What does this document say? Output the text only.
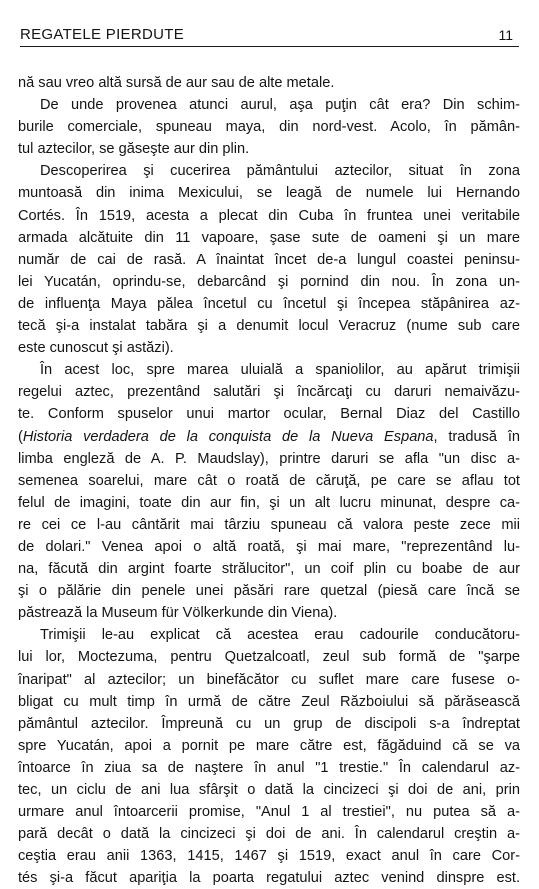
REGATELE PIERDUTE	11
nă sau vreo altă sursă de aur sau de alte metale.
De unde provenea atunci aurul, aşa puţin cât era? Din schim-
burile comerciale, spuneau maya, din nord-vest. Acolo, în pămân-
tul aztecilor, se găseşte aur din plin.
Descoperirea şi cucerirea pământului aztecilor, situat în zona
muntoasă din inima Mexicului, se leagă de numele lui Hernando
Cortés. În 1519, acesta a plecat din Cuba în fruntea unei veritabile
armada alcătuite din 11 vapoare, şase sute de oameni şi un mare
număr de cai de rasă. A înaintat încet de-a lungul coastei peninsu-
lei Yucatán, oprindu-se, debarcând şi pornind din nou. În zona un-
de influenţa Maya pălea încetul cu încetul şi începea stăpânirea az-
tecă şi-a instalat tabăra şi a denumit locul Veracruz (nume sub care
este cunoscut şi astăzi).
În acest loc, spre marea uluială a spaniolilor, au apărut trimişii
regelui aztec, prezentând salutări şi încărcaţi cu daruri nemaivăzu-
te. Conform spuselor unui martor ocular, Bernal Diaz del Castillo
(Historia verdadera de la conquista de la Nueva Espana, tradusă în
limba engleză de A. P. Maudslay), printre daruri se afla "un disc a-
semenea soarelui, mare cât o roată de căruţă, pe care se aflau tot
felul de imagini, toate din aur fin, şi un alt lucru minunat, despre ca-
re cei ce l-au cântărit mai târziu spuneau că valora peste zece mii
de dolari." Venea apoi o altă roată, şi mai mare, "reprezentând lu-
na, făcută din argint foarte strălucitor", un coif plin cu boabe de aur
şi o pălărie din penele unei păsări rare quetzal (piesă care încă se
păstrează la Museum für Völkerkunde din Viena).
Trimişii le-au explicat că acestea erau cadourile conducătoru-
lui lor, Moctezuma, pentru Quetzalcoatl, zeul sub formă de "şarpe
înaripat" al aztecilor; un binefăcător cu suflet mare care fusese o-
bligat cu mult timp în urmă de către Zeul Războiului să părăsească
pământul aztecilor. Împreună cu un grup de discipoli s-a îndreptat
spre Yucatán, apoi a pornit pe mare către est, făgăduind că se va
întoarce în ziua sa de naştere în anul "1 trestie." În calendarul az-
tec, un ciclu de ani lua sfârşit o dată la cincizeci şi doi de ani, prin
urmare anul întoarcerii promise, "Anul 1 al trestiei", nu putea să a-
pară decât o dată la cincizeci şi doi de ani. În calendarul creştin a-
ceştia erau anii 1363, 1415, 1467 şi 1519, exact anul în care Cor-
tés şi-a făcut apariţia la poarta regatului aztec venind dinspre est.
